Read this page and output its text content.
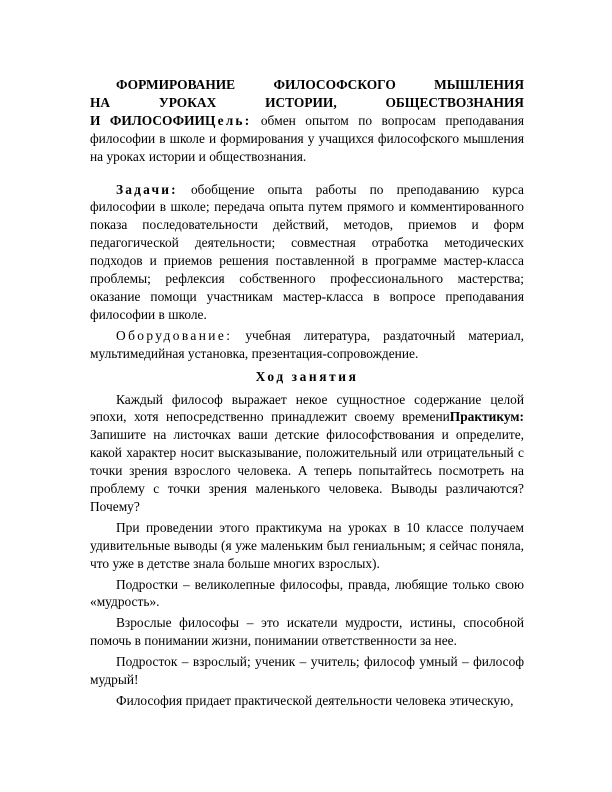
ФОРМИРОВАНИЕ	ФИЛОСОФСКОГО	МЫШЛЕНИЯ
НА	УРОКАХ	ИСТОРИИ,	ОБЩЕСТВОЗНАНИЯ

И ФИЛОСОФИИЦель: обмен опытом по вопросам преподавания философии в школе и формирования у учащихся философского мышления на уроках истории и обществознания.

Задачи: обобщение опыта работы по преподаванию курса философии в школе; передача опыта путем прямого и комментированного показа последовательности действий, методов, приемов и форм педагогической деятельности; совместная отработка методических подходов и приемов решения поставленной в программе мастер-класса проблемы; рефлексия собственного профессионального мастерства; оказание помощи участникам мастер-класса в вопросе преподавания философии в школе.

Оборудование: учебная литература, раздаточный материал, мультимедийная установка, презентация-сопровождение.

Ход занятия

Каждый философ выражает некое сущностное содержание целой эпохи, хотя непосредственно принадлежит своему времениПрактикум: Запишите на листочках ваши детские философствования и определите, какой характер носит высказывание, положительный или отрицательный с точки зрения взрослого человека. А теперь попытайтесь посмотреть на проблему с точки зрения маленького человека. Выводы различаются? Почему?

При проведении этого практикума на уроках в 10 классе получаем удивительные выводы (я уже маленьким был гениальным; я сейчас поняла, что уже в детстве знала больше многих взрослых).

Подростки – великолепные философы, правда, любящие только свою «мудрость».

Взрослые философы – это искатели мудрости, истины, способной помочь в понимании жизни, понимании ответственности за нее.

Подросток – взрослый; ученик – учитель; философ умный – философ мудрый!

Философия придает практической деятельности человека этическую,
